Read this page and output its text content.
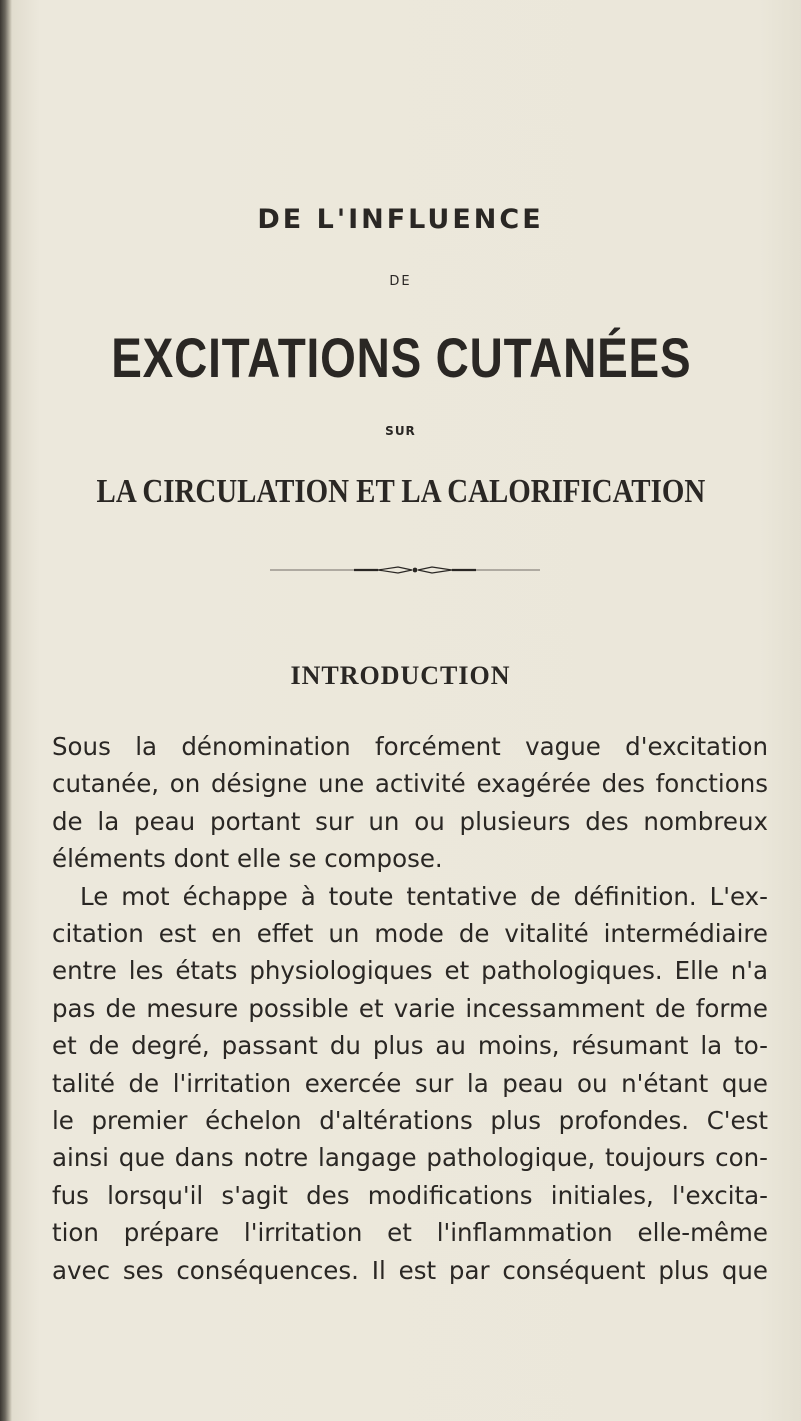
DE L'INFLUENCE
DE
EXCITATIONS CUTANÉES
SUR
LA CIRCULATION ET LA CALORIFICATION
INTRODUCTION
Sous la dénomination forcément vague d'excitation
cutanée, on désigne une activité exagérée des fonctions
de la peau portant sur un ou plusieurs des nombreux
éléments dont elle se compose.
Le mot échappe à toute tentative de définition. L'ex-
citation est en effet un mode de vitalité intermédiaire
entre les états physiologiques et pathologiques. Elle n'a
pas de mesure possible et varie incessamment de forme
et de degré, passant du plus au moins, résumant la to-
talité de l'irritation exercée sur la peau ou n'étant que
le premier échelon d'altérations plus profondes. C'est
ainsi que dans notre langage pathologique, toujours con-
fus lorsqu'il s'agit des modifications initiales, l'excita-
tion prépare l'irritation et l'inflammation elle-même
avec ses conséquences. Il est par conséquent plus que
